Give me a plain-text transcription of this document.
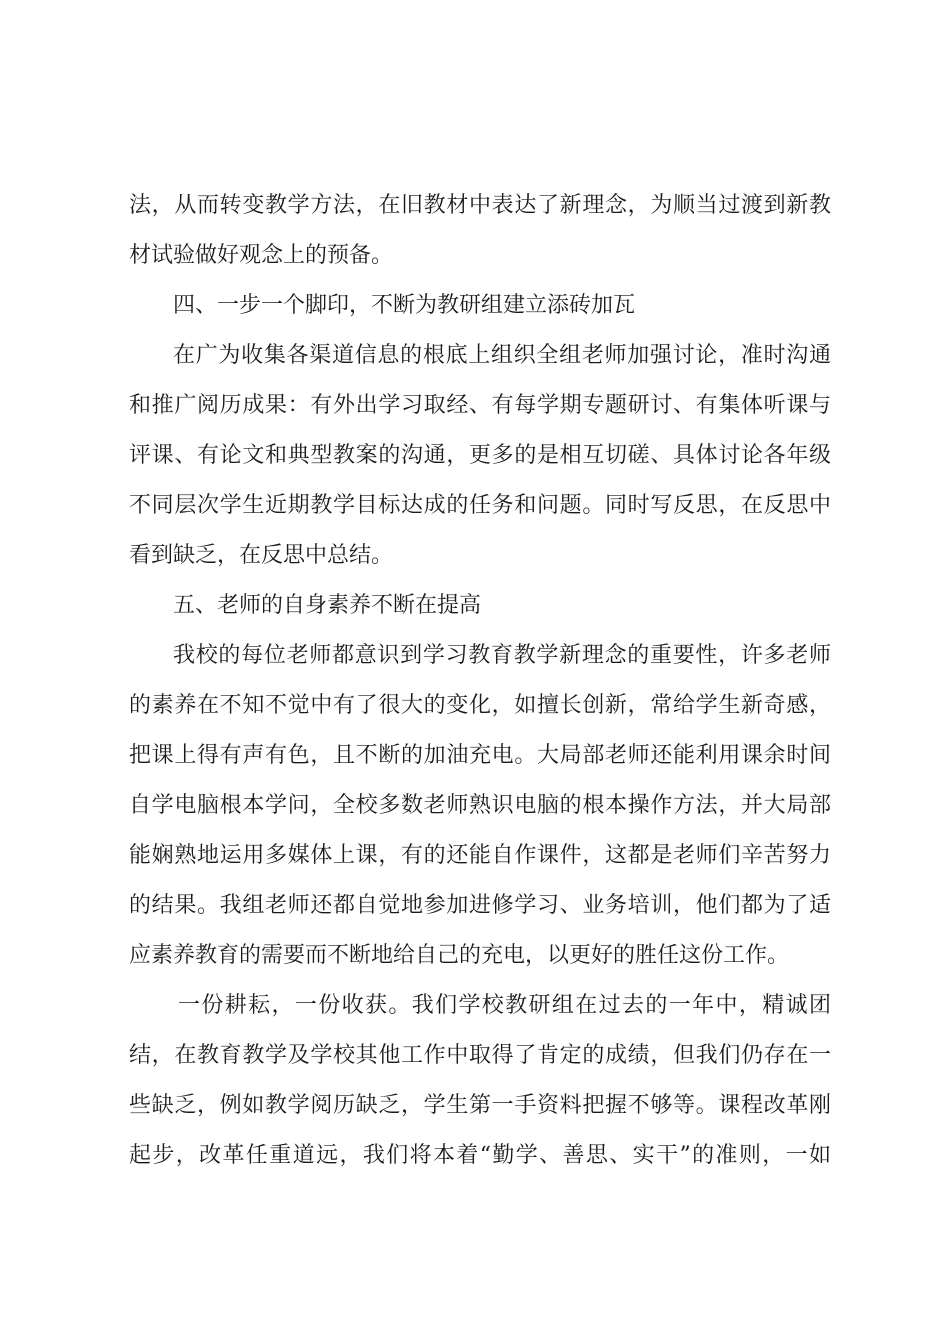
法，从而转变教学方法，在旧教材中表达了新理念，为顺当过渡到新教
材试验做好观念上的预备。
四、一步一个脚印，不断为教研组建立添砖加瓦
在广为收集各渠道信息的根底上组织全组老师加强讨论，准时沟通
和推广阅历成果：有外出学习取经、有每学期专题研讨、有集体听课与
评课、有论文和典型教案的沟通，更多的是相互切磋、具体讨论各年级
不同层次学生近期教学目标达成的任务和问题。同时写反思，在反思中
看到缺乏，在反思中总结。
五、老师的自身素养不断在提高
我校的每位老师都意识到学习教育教学新理念的重要性，许多老师
的素养在不知不觉中有了很大的变化，如擅长创新，常给学生新奇感，
把课上得有声有色，且不断的加油充电。大局部老师还能利用课余时间
自学电脑根本学问，全校多数老师熟识电脑的根本操作方法，并大局部
能娴熟地运用多媒体上课，有的还能自作课件，这都是老师们辛苦努力
的结果。我组老师还都自觉地参加进修学习、业务培训，他们都为了适
应素养教育的需要而不断地给自己的充电，以更好的胜任这份工作。
一份耕耘，一份收获。我们学校教研组在过去的一年中，精诚团
结，在教育教学及学校其他工作中取得了肯定的成绩，但我们仍存在一
些缺乏，例如教学阅历缺乏，学生第一手资料把握不够等。课程改革刚
起步，改革任重道远，我们将本着“勤学、善思、实干”的准则，一如
